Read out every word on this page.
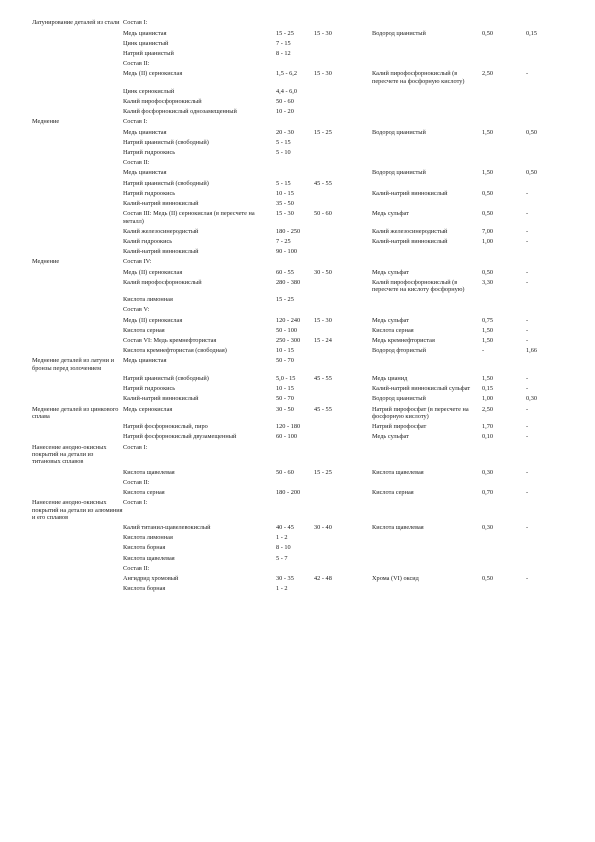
Латунирование деталей из стали	Состав I:					
	Медь цианистая	15 - 25	15 - 30	Водород цианистый	0,50	0,15
	Цинк цианистый	7 - 15				
	Натрий цианистый	8 - 12				
	Состав II:					
	Медь (II) сернокислая	1,5 - 6,2	15 - 30	Калий пирофосфорнокислый (в пересчете на фосфорную кислоту)	2,50	-
	Цинк сернокислый	4,4 - 6,0				
	Калий пирофосфорнокислый	50 - 60				
	Калий фосфорнокислый однозамещенный	10 - 20				
Меднение	Состав I:					
	Медь цианистая	20 - 30	15 - 25	Водород цианистый	1,50	0,50
	Натрий цианистый (свободный)	5 - 15				
	Натрий гидроокись	5 - 10				
	Состав II:					
	Медь цианистая			Водород цианистый	1,50	0,50
	Натрий цианистый (свободный)	5 - 15	45 - 55			
	Натрий гидроокись	10 - 15		Калий-натрий виннокислый	0,50	-
	Калий-натрий виннокислый	35 - 50				
	Состав III: Медь (II) сернокислая (в пересчете на металл)	15 - 30	50 - 60	Медь сульфат	0,50	-
	Калий железосинеродистый	180 - 250		Калий железосинеродистый	7,00	-
	Калий гидроокись	7 - 25		Калий-натрий виннокислый	1,00	-
	Калий-натрий виннокислый	90 - 100				
Меднение	Состав IV:					
	Медь (II) сернокислая	60 - 55	30 - 50	Медь сульфат	0,50	-
	Калий пирофосфорнокислый	280 - 380		Калий пирофосфорнокислый (в пересчете на кислоту фосфорную)	3,30	-
	Кислота лимонная	15 - 25				
	Состав V:					
	Медь (II) сернокислая	120 - 240	15 - 30	Медь сульфат	0,75	-
	Кислота серная	50 - 100		Кислота серная	1,50	-
	Состав VI: Медь кремнефтористая	250 - 300	15 - 24	Медь кремнефтористая	1,50	-
	Кислота кремнефтористая (свободная)	10 - 15		Водород фтористый	-	1,66
Меднение деталей из латуни и бронзы перед золочением	Медь цианистая	50 - 70				
	Натрий цианистый (свободный)	5,0 - 15	45 - 55	Медь цианид	1,50	-
	Натрий гидроокись	10 - 15		Калий-натрий виннокислый сульфат	0,15	-
	Калий-натрий виннокислый	50 - 70		Водород цианистый	1,00	0,30
Меднение деталей из цинкового сплава	Медь сернокислая	30 - 50	45 - 55	Натрий пирофосфат (в пересчете на фосфорную кислоту)	2,50	-
	Натрий фосфорнокислый, пиро	120 - 180		Натрий пирофосфат	1,70	-
	Натрий фосфорнокислый двузамещенный	60 - 100		Медь сульфат	0,10	-
Нанесение анодно-окисных покрытий на детали из титановых сплавов	Состав I:					
	Кислота щавелевая	50 - 60	15 - 25	Кислота щавелевая	0,30	-
	Состав II:					
	Кислота серная	180 - 200		Кислота серная	0,70	-
Нанесение анодно-окисных покрытий на детали из алюминия и его сплавов	Состав I:					
	Калий титанил-щавелевокислый	40 - 45	30 - 40	Кислота щавелевая	0,30	-
	Кислота лимонная	1 - 2				
	Кислота борная	8 - 10				
	Кислота щавелевая	5 - 7				
	Состав II:					
	Ангидрид хромовый	30 - 35	42 - 48	Хрома (VI) оксид	0,50	-
	Кислота борная	1 - 2				
